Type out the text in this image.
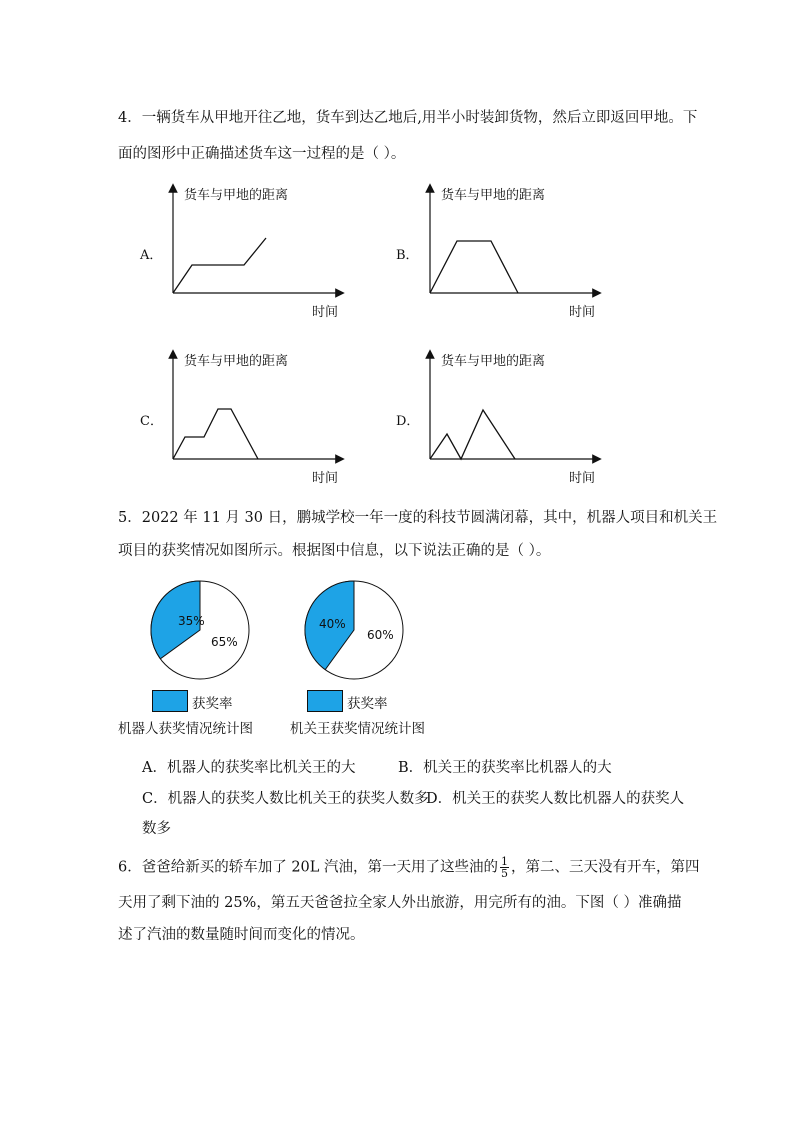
4．一辆货车从甲地开往乙地，货车到达乙地后,用半小时装卸货物，然后立即返回甲地。下
面的图形中正确描述货车这一过程的是（ ）。
货车与甲地的距离
时间
A．
货车与甲地的距离
时间
B．
货车与甲地的距离
时间
C．
货车与甲地的距离
时间
D．
5．2022 年 11 月 30 日，鹏城学校一年一度的科技节圆满闭幕，其中，机器人项目和机关王
项目的获奖情况如图所示。根据图中信息，以下说法正确的是（ ）。
35%
65%
获奖率
机器人获奖情况统计图
40%
60%
获奖率
机关王获奖情况统计图
A．机器人的获奖率比机关王的大	B．机关王的获奖率比机器人的大
C．机器人的获奖人数比机关王的获奖人数多
D．机关王的获奖人数比机器人的获奖人
数多
6．爸爸给新买的轿车加了 20L 汽油，第一天用了这些油的 $\frac{1}{5}$ ，第二、三天没有开车，第四
天用了剩下油的 25%，第五天爸爸拉全家人外出旅游，用完所有的油。下图（ ）准确描
述了汽油的数量随时间而变化的情况。
